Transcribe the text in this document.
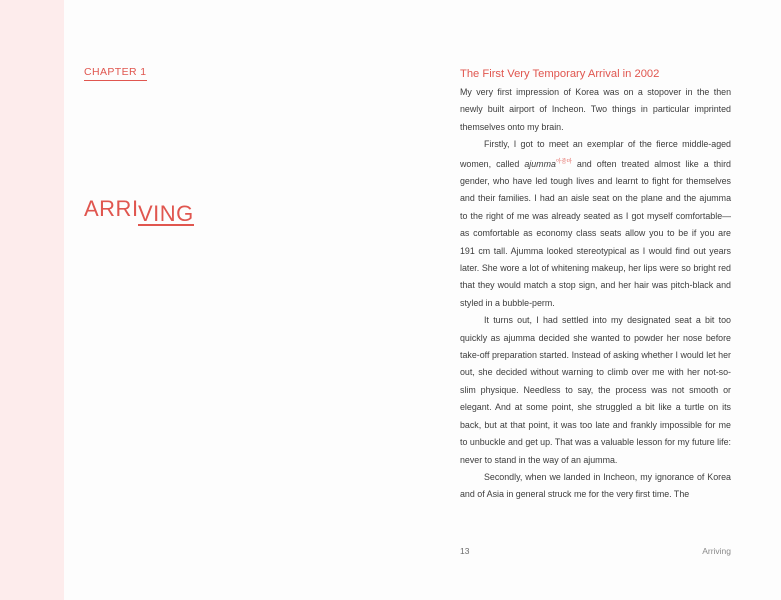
CHAPTER 1
ARRI VING
The First Very Temporary Arrival in 2002

My very first impression of Korea was on a stopover in the then newly built airport of Incheon. Two things in particular imprinted themselves onto my brain.

Firstly, I got to meet an exemplar of the fierce middle-aged women, called ajumma$^{아줌마}$ and often treated almost like a third gender, who have led tough lives and learnt to fight for themselves and their families. I had an aisle seat on the plane and the ajumma to the right of me was already seated as I got myself comfortable—as comfortable as economy class seats allow you to be if you are 191 cm tall. Ajumma looked stereotypical as I would find out years later. She wore a lot of whitening makeup, her lips were so bright red that they would match a stop sign, and her hair was pitch-black and styled in a bubble-perm.

It turns out, I had settled into my designated seat a bit too quickly as ajumma decided she wanted to powder her nose before take-off preparation started. Instead of asking whether I would let her out, she decided without warning to climb over me with her not-so-slim physique. Needless to say, the process was not smooth or elegant. And at some point, she struggled a bit like a turtle on its back, but at that point, it was too late and frankly impossible for me to unbuckle and get up. That was a valuable lesson for my future life: never to stand in the way of an ajumma.

Secondly, when we landed in Incheon, my ignorance of Korea and of Asia in general struck me for the very first time. The

13	Arriving
